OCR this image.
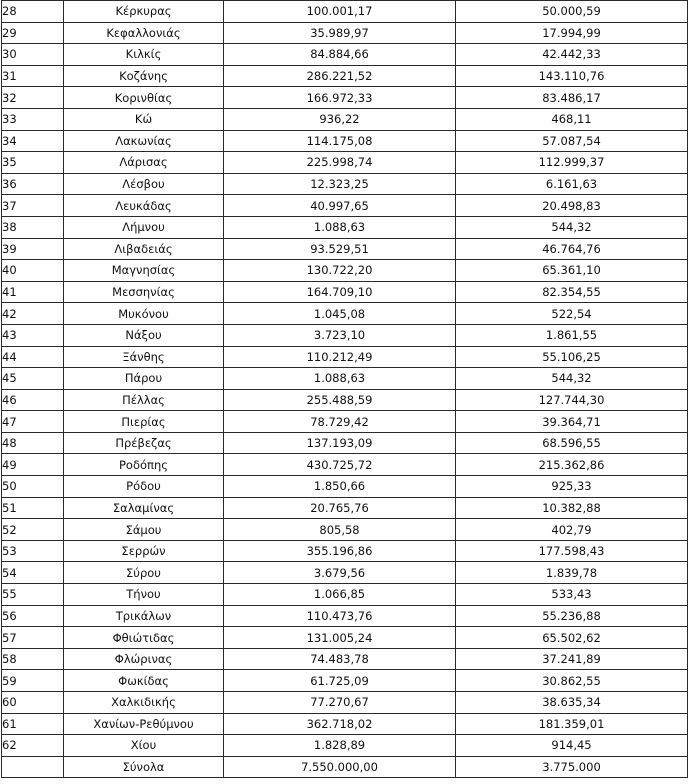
28	Κέρκυρας	100.001,17	50.000,59
29	Κεφαλλονιάς	35.989,97	17.994,99
30	Κιλκίς	84.884,66	42.442,33
31	Κοζάνης	286.221,52	143.110,76
32	Κορινθίας	166.972,33	83.486,17
33	Κώ	936,22	468,11
34	Λακωνίας	114.175,08	57.087,54
35	Λάρισας	225.998,74	112.999,37
36	Λέσβου	12.323,25	6.161,63
37	Λευκάδας	40.997,65	20.498,83
38	Λήμνου	1.088,63	544,32
39	Λιβαδειάς	93.529,51	46.764,76
40	Μαγνησίας	130.722,20	65.361,10
41	Μεσσηνίας	164.709,10	82.354,55
42	Μυκόνου	1.045,08	522,54
43	Νάξου	3.723,10	1.861,55
44	Ξάνθης	110.212,49	55.106,25
45	Πάρου	1.088,63	544,32
46	Πέλλας	255.488,59	127.744,30
47	Πιερίας	78.729,42	39.364,71
48	Πρέβεζας	137.193,09	68.596,55
49	Ροδόπης	430.725,72	215.362,86
50	Ρόδου	1.850,66	925,33
51	Σαλαμίνας	20.765,76	10.382,88
52	Σάμου	805,58	402,79
53	Σερρών	355.196,86	177.598,43
54	Σύρου	3.679,56	1.839,78
55	Τήνου	1.066,85	533,43
56	Τρικάλων	110.473,76	55.236,88
57	Φθιώτιδας	131.005,24	65.502,62
58	Φλώρινας	74.483,78	37.241,89
59	Φωκίδας	61.725,09	30.862,55
60	Χαλκιδικής	77.270,67	38.635,34
61	Χανίων-Ρεθύμνου	362.718,02	181.359,01
62	Χίου	1.828,89	914,45
	Σύνολα	7.550.000,00	3.775.000
